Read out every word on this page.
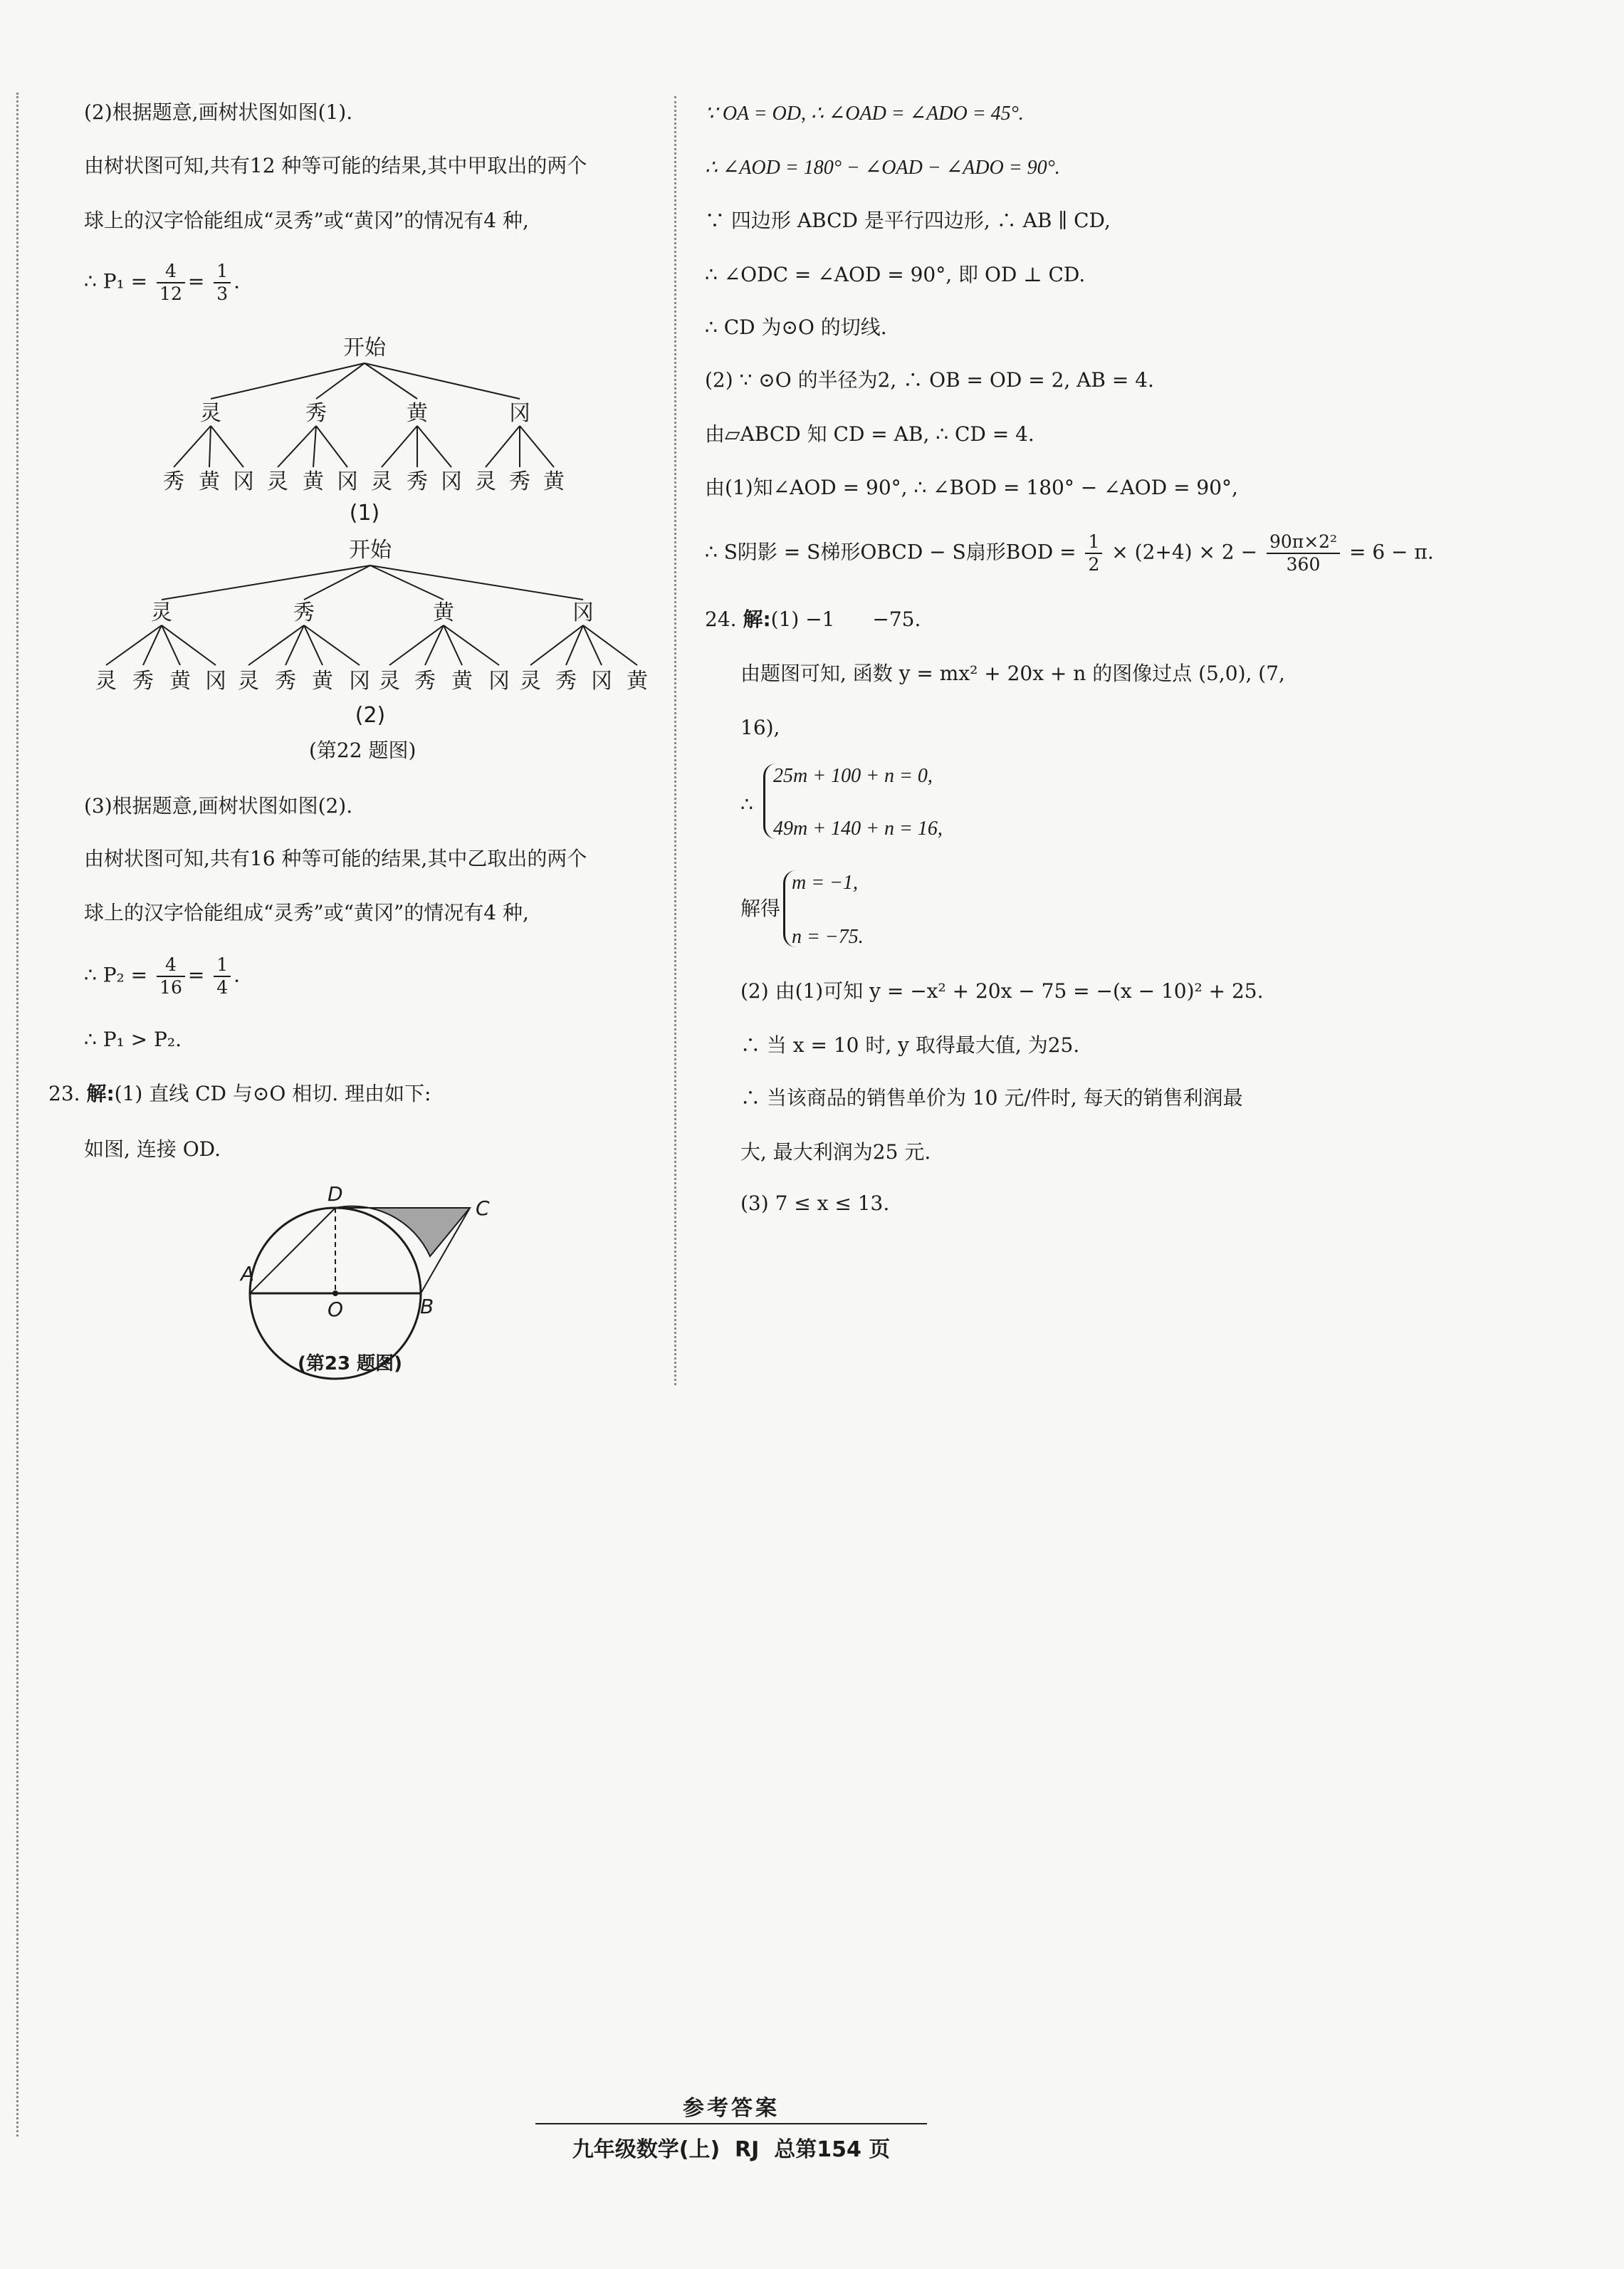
(2)根据题意,画树状图如图(1).
由树状图可知,共有12 种等可能的结果,其中甲取出的两个
球上的汉字恰能组成“灵秀”或“黄冈”的情况有4 种,
∴ $P_1 = \frac{4}{12} = \frac{1}{3}$ .
开始
灵	秀	黄	冈
秀 黄 冈 灵 黄 冈 灵 秀 冈 灵 秀 黄
(1)
开始
灵	秀	黄	冈
灵 秀 黄 冈 灵 秀 黄 冈 灵 秀 黄 冈 灵 秀 冈 黄
(2)
(第22 题图)
(3)根据题意,画树状图如图(2).
由树状图可知,共有16 种等可能的结果,其中乙取出的两个
球上的汉字恰能组成“灵秀”或“黄冈”的情况有4 种,
∴ $P_2 = \frac{4}{16} = \frac{1}{4}$ .
∴ P₁ > P₂.
23. 解:(1) 直线 CD 与⊙O 相切. 理由如下:
如图, 连接 OD.
D
C
A
O	B
(第23 题图)
∵ OA = OD, ∴ ∠OAD = ∠ADO = 45°.
∴ ∠AOD = 180° − ∠OAD − ∠ADO = 90°.
∵ 四边形 ABCD 是平行四边形, ∴ AB ∥ CD,
∴ ∠ODC = ∠AOD = 90°, 即 OD ⊥ CD.
∴ CD 为⊙O 的切线.
(2) ∵ ⊙O 的半径为2, ∴ OB = OD = 2, AB = 4.
由▱ABCD 知 CD = AB, ∴ CD = 4.
由(1)知∠AOD = 90°, ∴ ∠BOD = 180° − ∠AOD = 90°,
∴ S阴影 = S梯形OBCD − S扇形BOD = $\frac{1}{2} \times (2+4) \times 2 - \frac{\text{90π×2²}}{360} = 6 - \pi$.
24. 解:(1) −1 −75.
由题图可知, 函数 y = mx² + 20x + n 的图像过点 (5,0), (7,
16),
∴
25m + 100 + n = 0,
49m + 140 + n = 16,
解得
m = −1,
n = −75.
(2) 由(1)可知 y = −x² + 20x − 75 = −(x − 10)² + 25.
∴ 当 x = 10 时, y 取得最大值, 为25.
∴ 当该商品的销售单价为 10 元/件时, 每天的销售利润最
大, 最大利润为25 元.
(3) 7 ≤ x ≤ 13.
参考答案
九年级数学(上)  RJ  总第154 页
